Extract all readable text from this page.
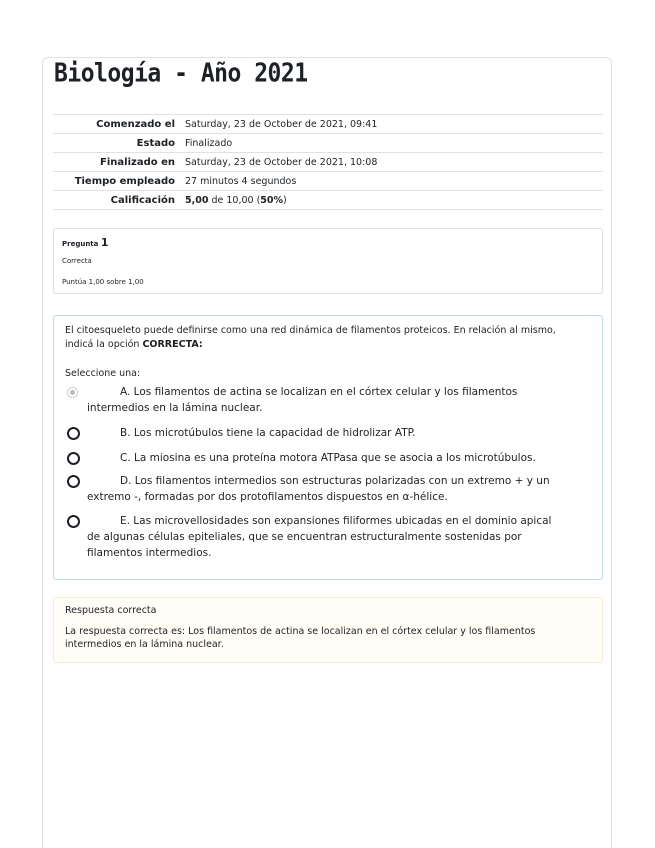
Biología - Año 2021
Comenzado el	Saturday, 23 de October de 2021, 09:41
Estado	Finalizado
Finalizado en	Saturday, 23 de October de 2021, 10:08
Tiempo empleado	27 minutos 4 segundos
Calificación	5,00 de 10,00 (50%)
Pregunta 1
Correcta
Puntúa 1,00 sobre 1,00
El citoesqueleto puede definirse como una red dinámica de filamentos proteicos. En relación al mismo, indicá la opción CORRECTA:
Seleccione una:
A. Los filamentos de actina se localizan en el córtex celular y los filamentos intermedios en la lámina nuclear.
B. Los microtúbulos tiene la capacidad de hidrolizar ATP.
C. La miosina es una proteína motora ATPasa que se asocia a los microtúbulos.
D. Los filamentos intermedios son estructuras polarizadas con un extremo + y un extremo -, formadas por dos protofilamentos dispuestos en α-hélice.
E. Las microvellosidades son expansiones filiformes ubicadas en el dominio apical de algunas células epiteliales, que se encuentran estructuralmente sostenidas por filamentos intermedios.
Respuesta correcta
La respuesta correcta es: Los filamentos de actina se localizan en el córtex celular y los filamentos intermedios en la lámina nuclear.
